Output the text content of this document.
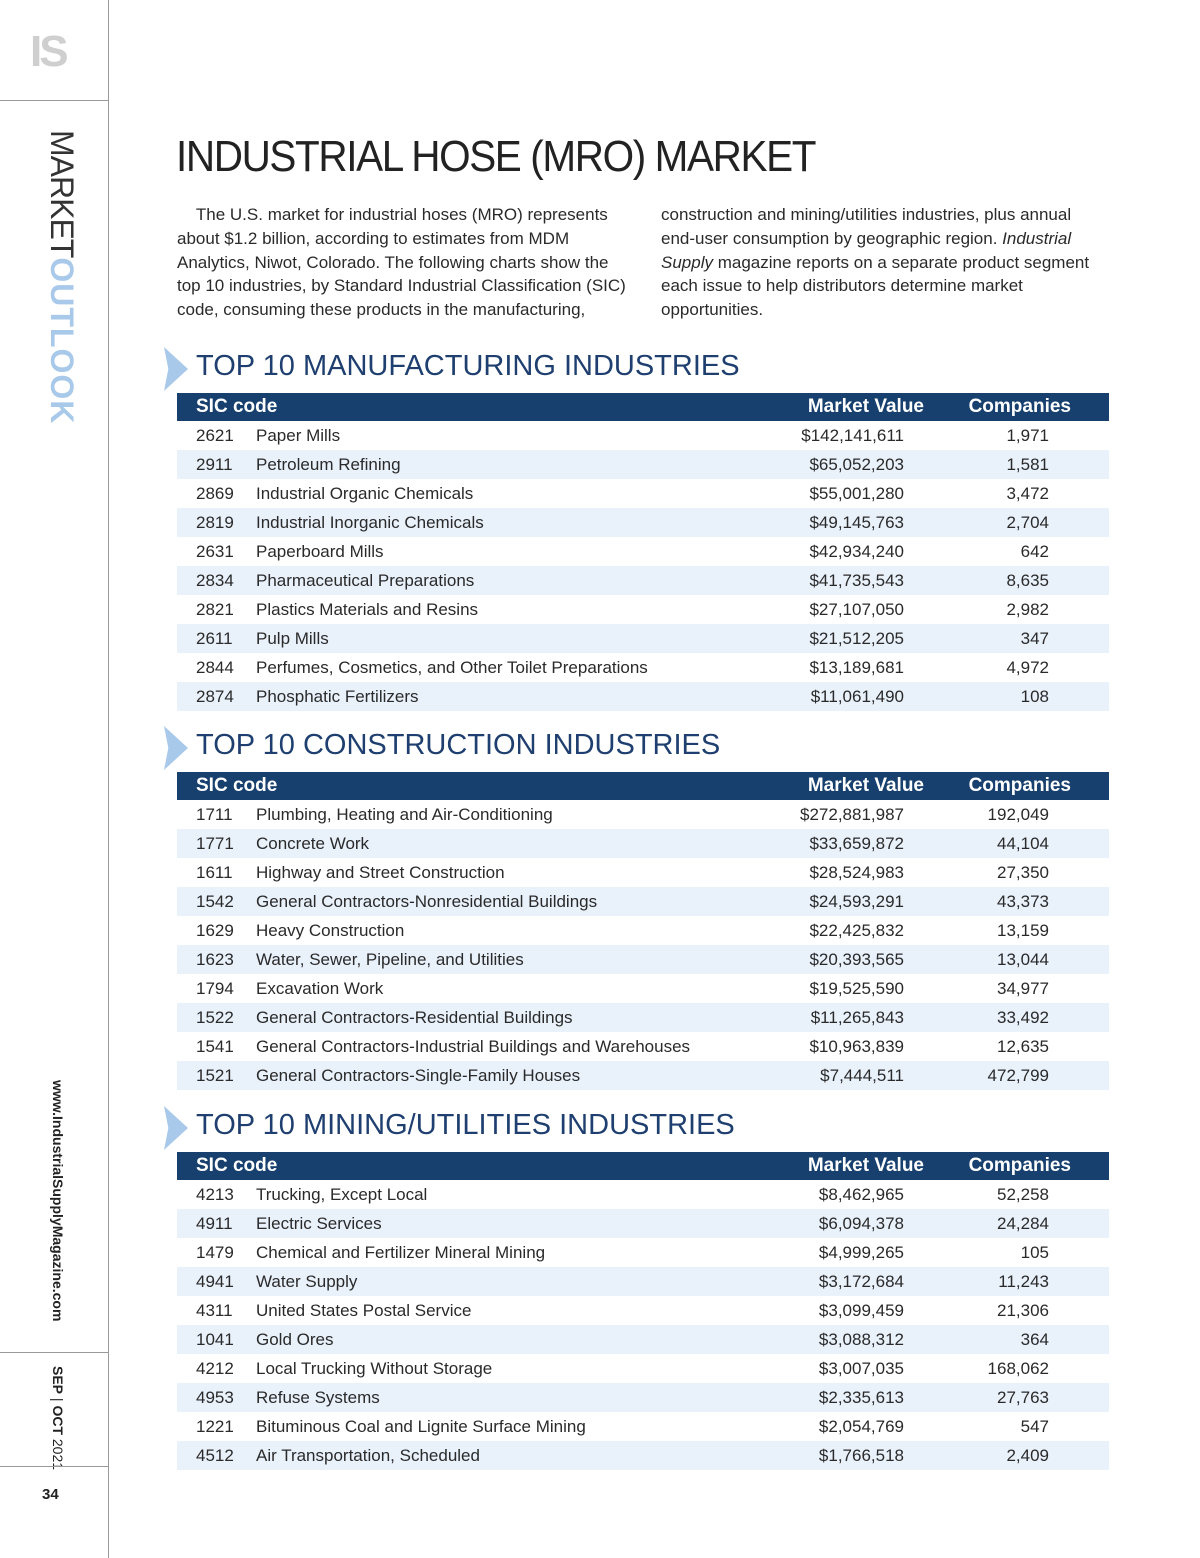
IS
MARKETOUTLOOK
www.IndustrialSupplyMagazine.com
SEP | OCT 2021
34
INDUSTRIAL HOSE (MRO) MARKET

The U.S. market for industrial hoses (MRO) represents about $1.2 billion, according to estimates from MDM Analytics, Niwot, Colorado. The following charts show the top 10 industries, by Standard Industrial Classification (SIC) code, consuming these products in the manufacturing,

construction and mining/utilities industries, plus annual end-user consumption by geographic region. Industrial Supply magazine reports on a separate product segment each issue to help distributors determine market opportunities.

TOP 10 MANUFACTURING INDUSTRIES
SIC code		Market Value	Companies
2621	Paper Mills	$142,141,611	1,971
2911	Petroleum Refining	$65,052,203	1,581
2869	Industrial Organic Chemicals	$55,001,280	3,472
2819	Industrial Inorganic Chemicals	$49,145,763	2,704
2631	Paperboard Mills	$42,934,240	642
2834	Pharmaceutical Preparations	$41,735,543	8,635
2821	Plastics Materials and Resins	$27,107,050	2,982
2611	Pulp Mills	$21,512,205	347
2844	Perfumes, Cosmetics, and Other Toilet Preparations	$13,189,681	4,972
2874	Phosphatic Fertilizers	$11,061,490	108
TOP 10 CONSTRUCTION INDUSTRIES
SIC code		Market Value	Companies
1711	Plumbing, Heating and Air-Conditioning	$272,881,987	192,049
1771	Concrete Work	$33,659,872	44,104
1611	Highway and Street Construction	$28,524,983	27,350
1542	General Contractors-Nonresidential Buildings	$24,593,291	43,373
1629	Heavy Construction	$22,425,832	13,159
1623	Water, Sewer, Pipeline, and Utilities	$20,393,565	13,044
1794	Excavation Work	$19,525,590	34,977
1522	General Contractors-Residential Buildings	$11,265,843	33,492
1541	General Contractors-Industrial Buildings and Warehouses	$10,963,839	12,635
1521	General Contractors-Single-Family Houses	$7,444,511	472,799
TOP 10 MINING/UTILITIES INDUSTRIES
SIC code		Market Value	Companies
4213	Trucking, Except Local	$8,462,965	52,258
4911	Electric Services	$6,094,378	24,284
1479	Chemical and Fertilizer Mineral Mining	$4,999,265	105
4941	Water Supply	$3,172,684	11,243
4311	United States Postal Service	$3,099,459	21,306
1041	Gold Ores	$3,088,312	364
4212	Local Trucking Without Storage	$3,007,035	168,062
4953	Refuse Systems	$2,335,613	27,763
1221	Bituminous Coal and Lignite Surface Mining	$2,054,769	547
4512	Air Transportation, Scheduled	$1,766,518	2,409
